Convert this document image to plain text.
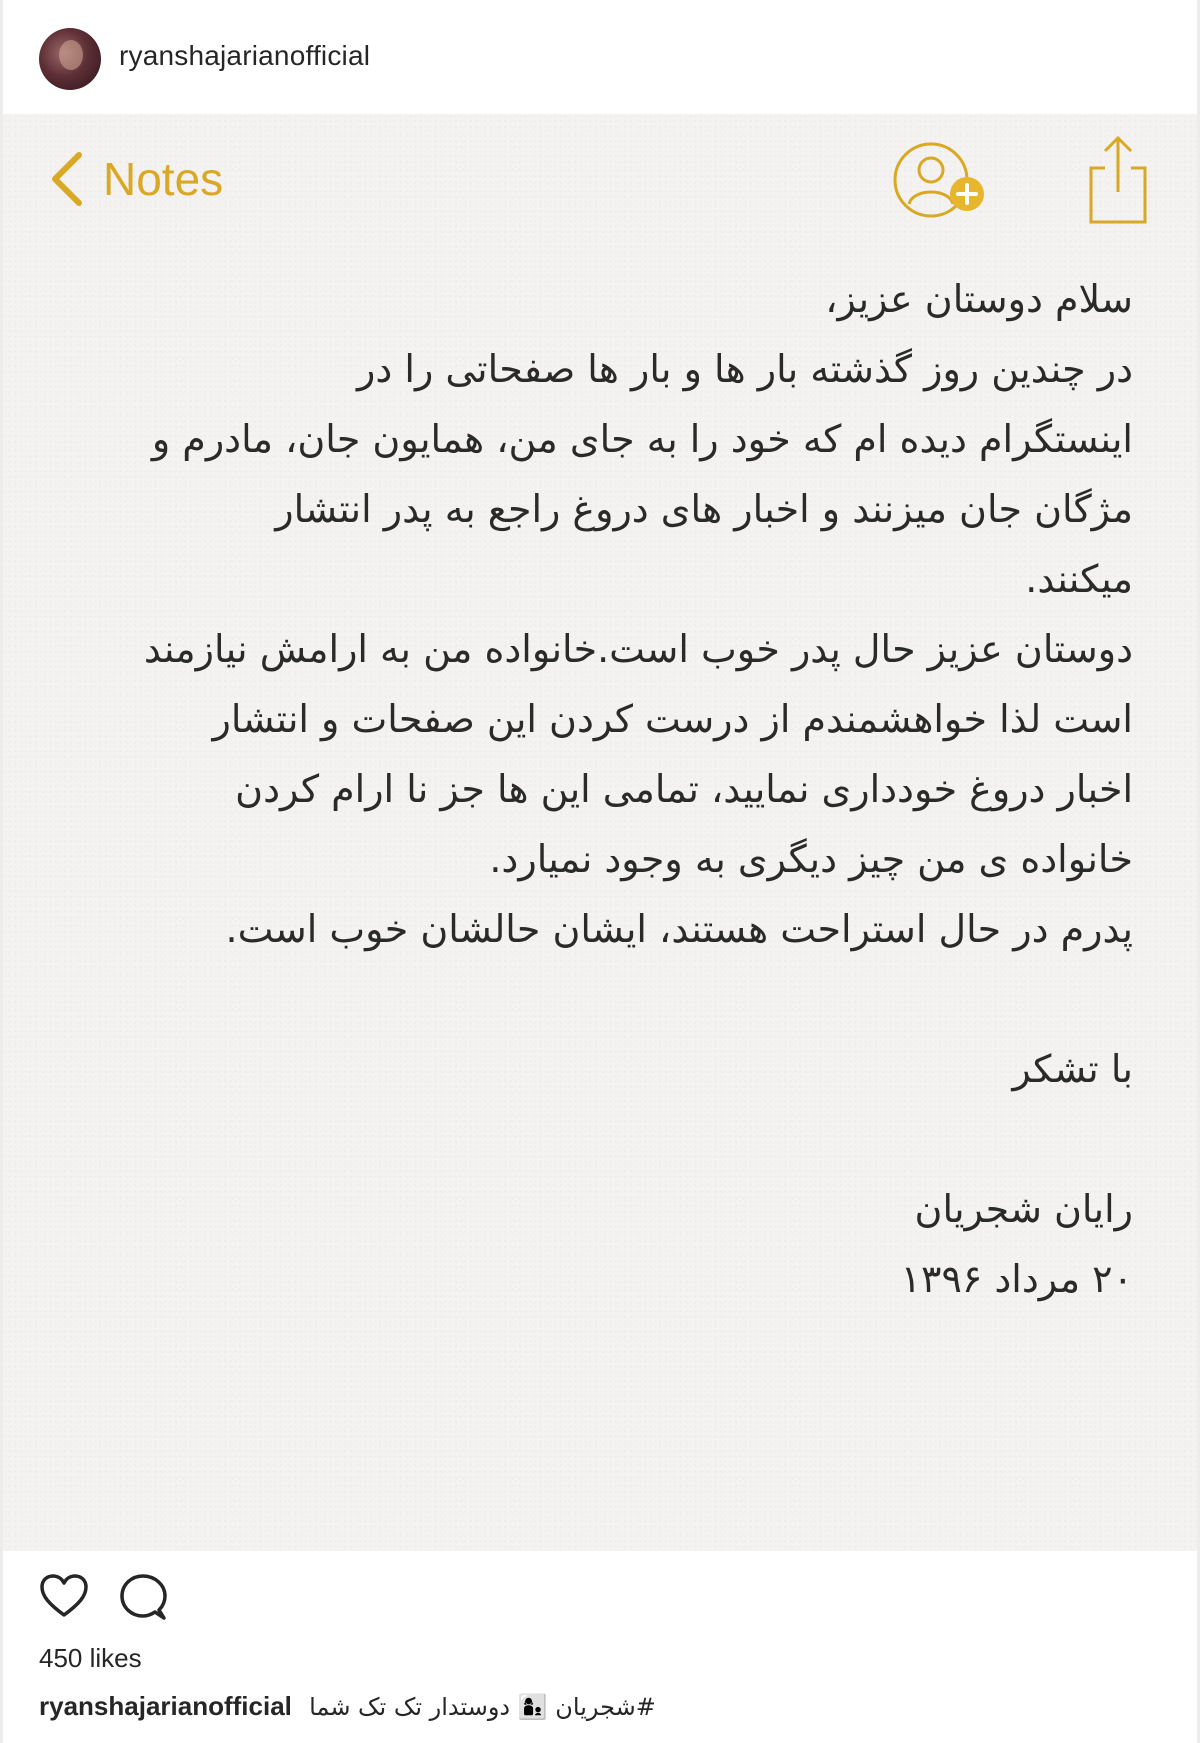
ryanshajarianofficial
Notes

سلام دوستان عزیز،

در چندین روز گذشته بار ها و بار ها صفحاتی را در

اینستگرام دیده ام که خود را به جای من، همایون جان، مادرم و

مژگان جان میزنند و اخبار های دروغ راجع به پدر انتشار

میکنند.

دوستان عزیز حال پدر خوب است.خانواده من به ارامش نیازمند

است لذا خواهشمندم از درست کردن این صفحات و انتشار

اخبار دروغ خودداری نمایید، تمامی این ها جز نا ارام کردن

خانواده ی من چیز دیگری به وجود نمیارد.

پدرم در حال استراحت هستند، ایشان حالشان خوب است.

با تشکر

رایان شجریان

۲۰ مرداد ۱۳۹۶

450 likes
ryanshajarianofficial #شجریان 👩‍👦 دوستدار تک تک شما
